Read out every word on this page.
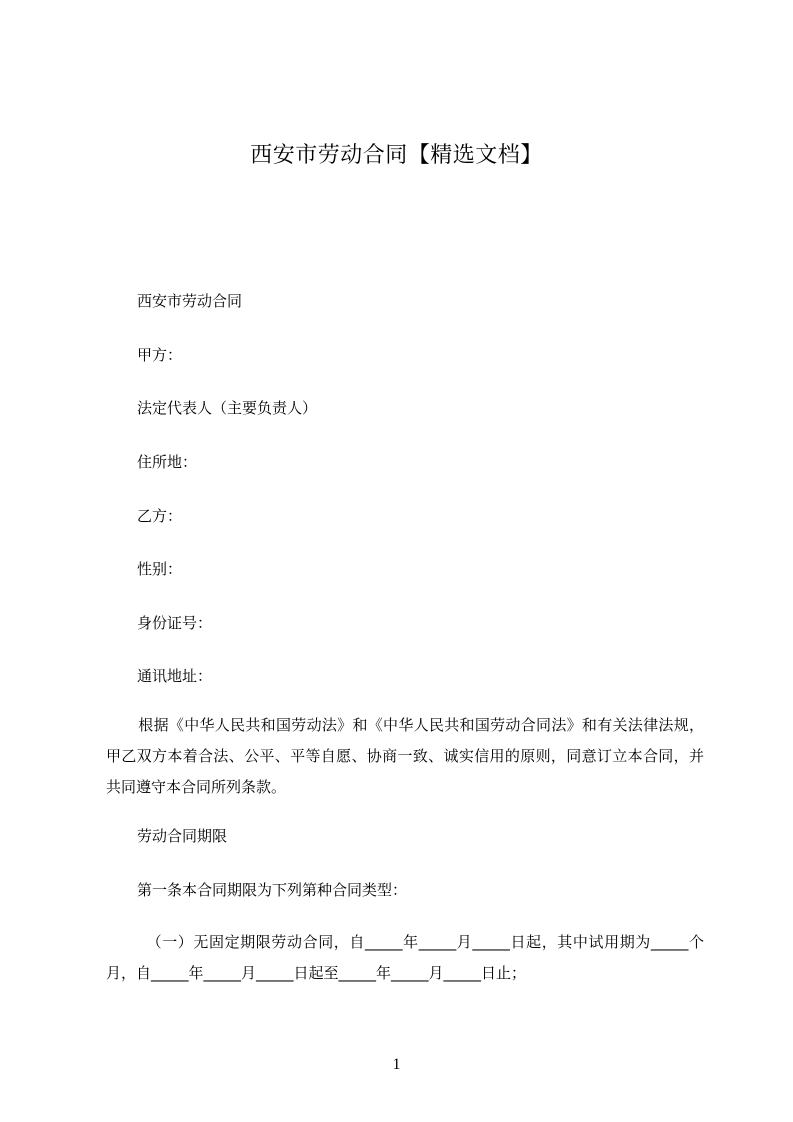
西安市劳动合同【精选文档】
西安市劳动合同
甲方：
法定代表人（主要负责人）
住所地：
乙方：
性别：
身份证号：
通讯地址：
根据《中华人民共和国劳动法》和《中华人民共和国劳动合同法》和有关法律法规，甲乙双方本着合法、公平、平等自愿、协商一致、诚实信用的原则，同意订立本合同，并共同遵守本合同所列条款。
劳动合同期限
第一条本合同期限为下列第种合同类型：
（一）无固定期限劳动合同，自_____年_____月_____日起，其中试用期为_____个月，自_____年_____月_____日起至_____年_____月_____日止；
1
